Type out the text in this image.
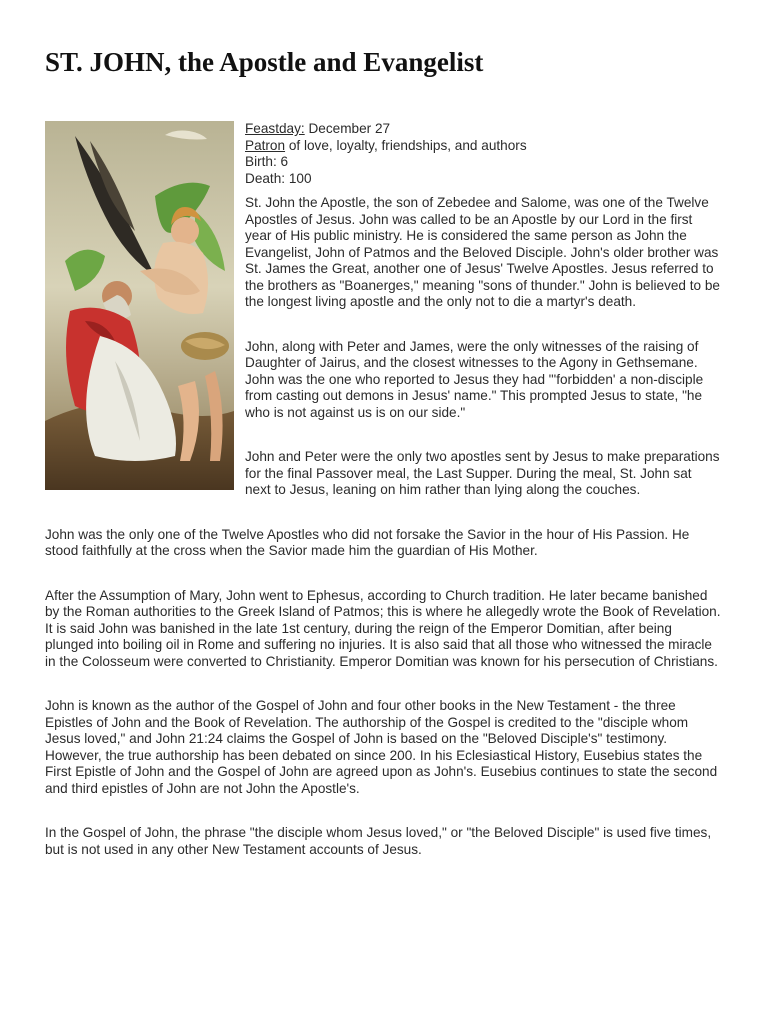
ST. JOHN, the Apostle and Evangelist
Feastday: December 27
Patron of love, loyalty, friendships, and authors
Birth: 6
Death: 100

St. John the Apostle, the son of Zebedee and Salome, was one of the Twelve Apostles of Jesus. John was called to be an Apostle by our Lord in the first year of His public ministry. He is considered the same person as John the Evangelist, John of Patmos and the Beloved Disciple. John's older brother was St. James the Great, another one of Jesus' Twelve Apostles. Jesus referred to the brothers as "Boanerges," meaning "sons of thunder." John is believed to be the longest living apostle and the only not to die a martyr's death.

John, along with Peter and James, were the only witnesses of the raising of Daughter of Jairus, and the closest witnesses to the Agony in Gethsemane. John was the one who reported to Jesus they had "'forbidden' a non-disciple from casting out demons in Jesus' name." This prompted Jesus to state, "he who is not against us is on our side."

John and Peter were the only two apostles sent by Jesus to make preparations for the final Passover meal, the Last Supper. During the meal, St. John sat next to Jesus, leaning on him rather than lying along the couches.

John was the only one of the Twelve Apostles who did not forsake the Savior in the hour of His Passion. He stood faithfully at the cross when the Savior made him the guardian of His Mother.

After the Assumption of Mary, John went to Ephesus, according to Church tradition. He later became banished by the Roman authorities to the Greek Island of Patmos; this is where he allegedly wrote the Book of Revelation. It is said John was banished in the late 1st century, during the reign of the Emperor Domitian, after being plunged into boiling oil in Rome and suffering no injuries. It is also said that all those who witnessed the miracle in the Colosseum were converted to Christianity. Emperor Domitian was known for his persecution of Christians.

John is known as the author of the Gospel of John and four other books in the New Testament - the three Epistles of John and the Book of Revelation. The authorship of the Gospel is credited to the "disciple whom Jesus loved," and John 21:24 claims the Gospel of John is based on the "Beloved Disciple's" testimony. However, the true authorship has been debated on since 200. In his Eclesiastical History, Eusebius states the First Epistle of John and the Gospel of John are agreed upon as John's. Eusebius continues to state the second and third epistles of John are not John the Apostle's.

In the Gospel of John, the phrase "the disciple whom Jesus loved," or "the Beloved Disciple" is used five times, but is not used in any other New Testament accounts of Jesus.
